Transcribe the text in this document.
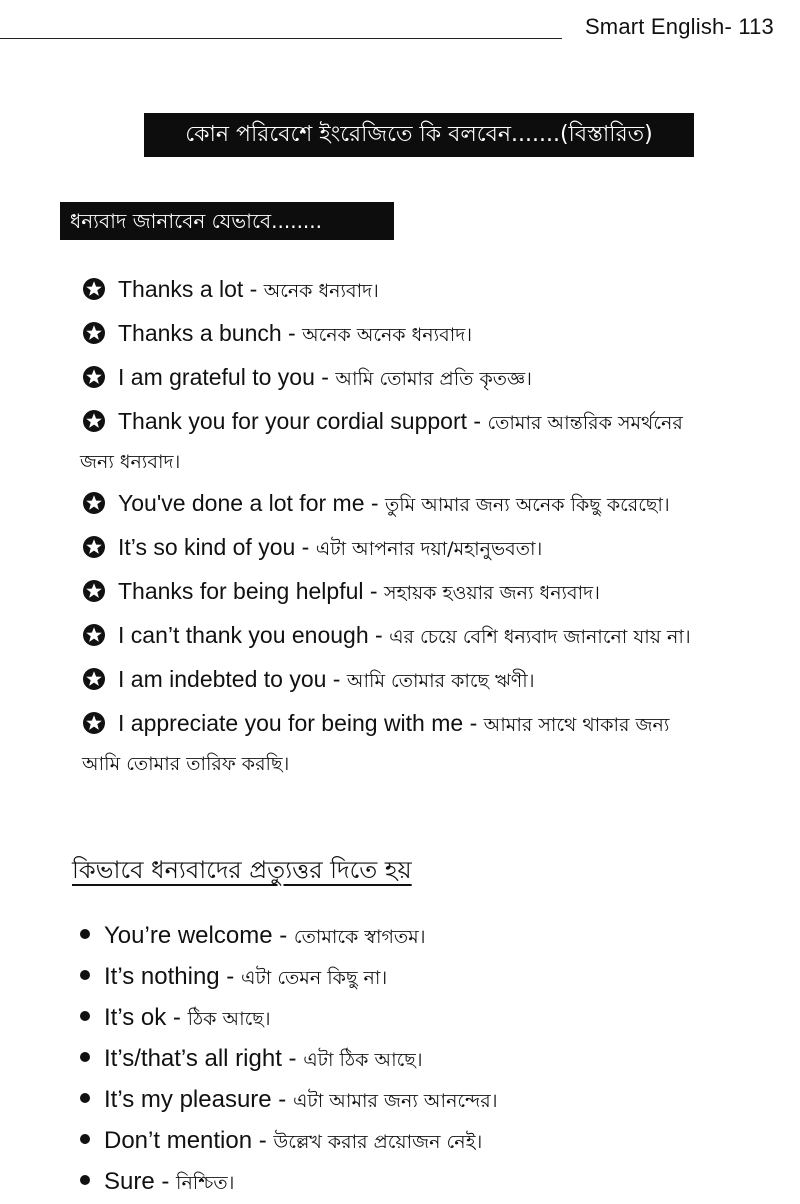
Smart English- 113
কোন পরিবেশে ইংরেজিতে কি বলবেন.......(বিস্তারিত)
ধন্যবাদ জানাবেন যেভাবে........
Thanks a lot - অনেক ধন্যবাদ।
Thanks a bunch - অনেক অনেক ধন্যবাদ।
I am grateful to you - আমি তোমার প্রতি কৃতজ্ঞ।
Thank you for your cordial support - তোমার আন্তরিক সমর্থনের
জন্য ধন্যবাদ।
You've done a lot for me - তুমি আমার জন্য অনেক কিছু করেছো।
It’s so kind of you - এটা আপনার দয়া/মহানুভবতা।
Thanks for being helpful - সহায়ক হওয়ার জন্য ধন্যবাদ।
I can’t thank you enough - এর চেয়ে বেশি ধন্যবাদ জানানো যায় না।
I am indebted to you - আমি তোমার কাছে ঋণী।
I appreciate you for being with me - আমার সাথে থাকার জন্য
আমি তোমার তারিফ করছি।
কিভাবে ধন্যবাদের প্রত্যুত্তর দিতে হয়
You’re welcome - তোমাকে স্বাগতম।
It’s nothing - এটা তেমন কিছু না।
It’s ok - ঠিক আছে।
It’s/that’s all right - এটা ঠিক আছে।
It’s my pleasure - এটা আমার জন্য আনন্দের।
Don’t mention - উল্লেখ করার প্রয়োজন নেই।
Sure - নিশ্চিত।
